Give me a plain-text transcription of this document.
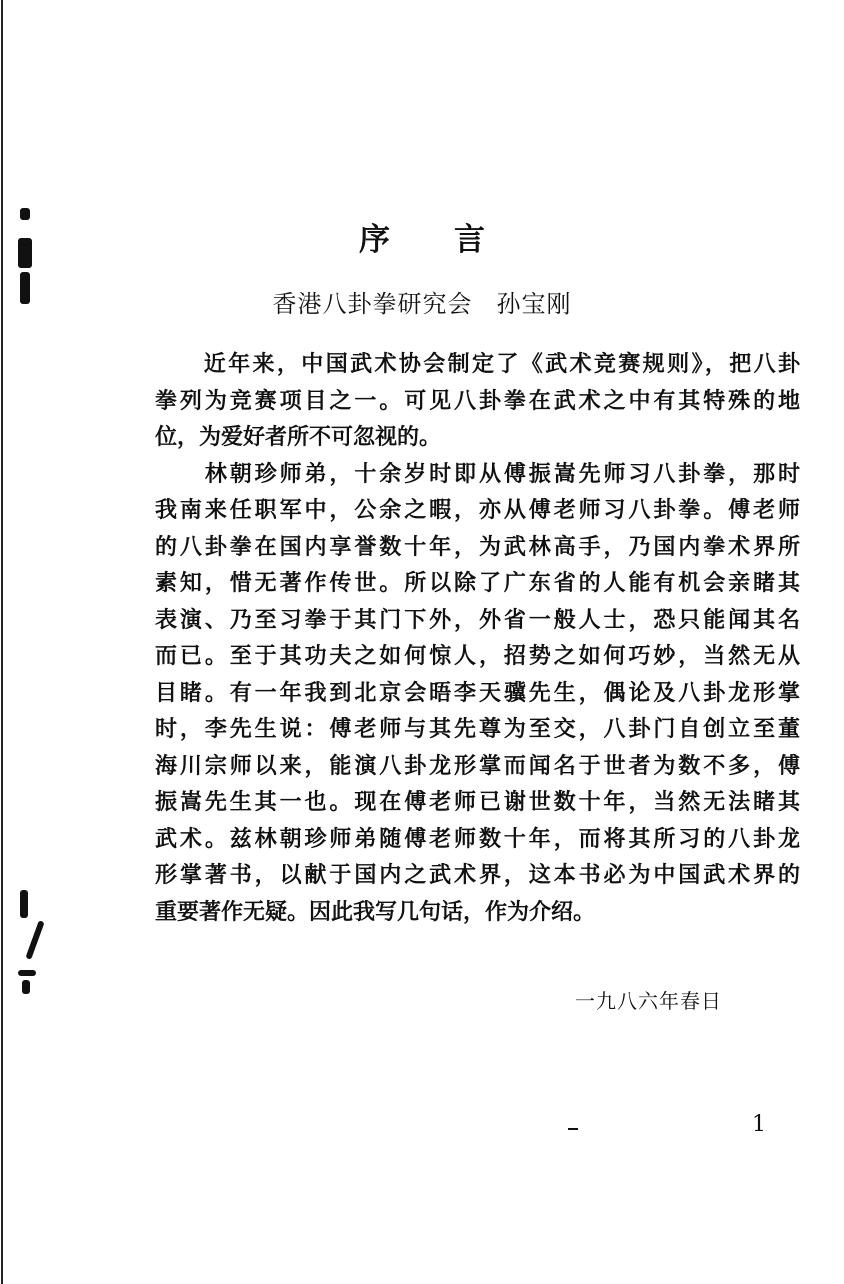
序 言
香港八卦拳研究会 孙宝刚
　　近年来，中国武术协会制定了《武术竞赛规则》，把八卦
拳列为竞赛项目之一。可见八卦拳在武术之中有其特殊的地
位，为爱好者所不可忽视的。
　　林朝珍师弟，十余岁时即从傅振嵩先师习八卦拳，那时
我南来任职军中，公余之暇，亦从傅老师习八卦拳。傅老师
的八卦拳在国内享誉数十年，为武林高手，乃国内拳术界所
素知，惜无著作传世。所以除了广东省的人能有机会亲睹其
表演、乃至习拳于其门下外，外省一般人士，恐只能闻其名
而已。至于其功夫之如何惊人，招势之如何巧妙，当然无从
目睹。有一年我到北京会晤李天骥先生，偶论及八卦龙形掌
时，李先生说：傅老师与其先尊为至交，八卦门自创立至董
海川宗师以来，能演八卦龙形掌而闻名于世者为数不多，傅
振嵩先生其一也。现在傅老师已谢世数十年，当然无法睹其
武术。兹林朝珍师弟随傅老师数十年，而将其所习的八卦龙
形掌著书，以献于国内之武术界，这本书必为中国武术界的
重要著作无疑。因此我写几句话，作为介绍。
一九八六年春日
1
